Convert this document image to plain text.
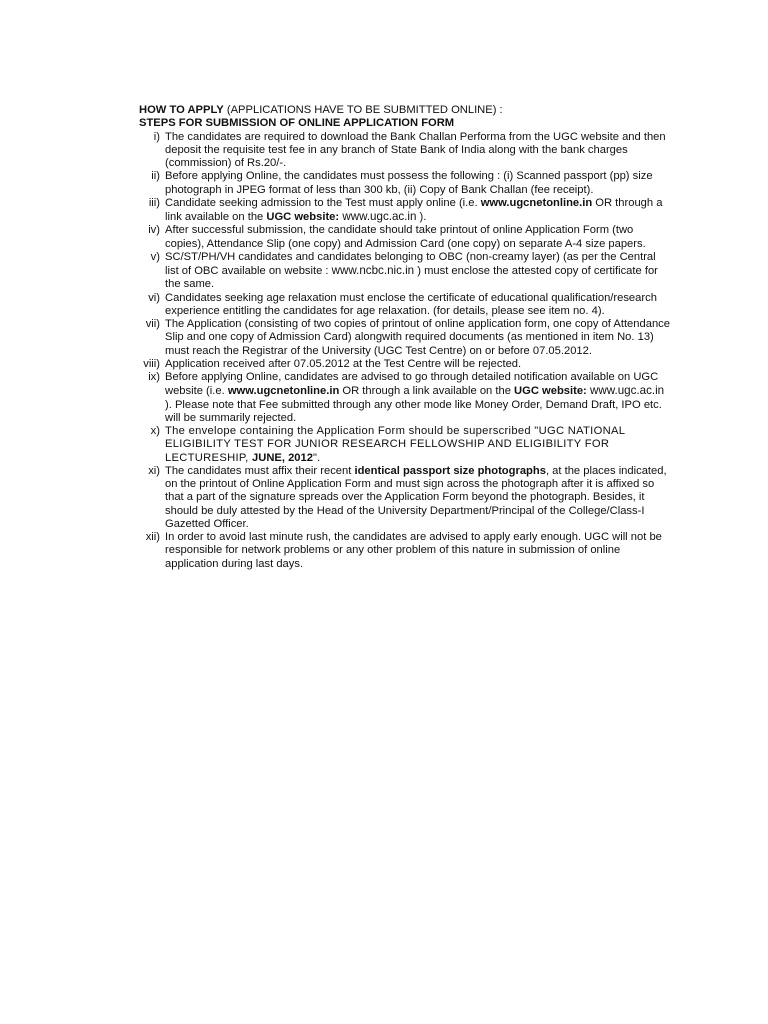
HOW TO APPLY (APPLICATIONS HAVE TO BE SUBMITTED ONLINE) :

STEPS FOR SUBMISSION OF ONLINE APPLICATION FORM

i) The candidates are required to download the Bank Challan Performa from the UGC website and then deposit the requisite test fee in any branch of State Bank of India along with the bank charges (commission) of Rs.20/-.
ii) Before applying Online, the candidates must possess the following : (i) Scanned passport (pp) size photograph in JPEG format of less than 300 kb, (ii) Copy of Bank Challan (fee receipt).
iii) Candidate seeking admission to the Test must apply online (i.e. www.ugcnetonline.in OR through a link available on the UGC website: www.ugc.ac.in ).
iv) After successful submission, the candidate should take printout of online Application Form (two copies), Attendance Slip (one copy) and Admission Card (one copy) on separate A-4 size papers.
v) SC/ST/PH/VH candidates and candidates belonging to OBC (non-creamy layer) (as per the Central list of OBC available on website : www.ncbc.nic.in ) must enclose the attested copy of certificate for the same.
vi) Candidates seeking age relaxation must enclose the certificate of educational qualification/research experience entitling the candidates for age relaxation. (for details, please see item no. 4).
vii) The Application (consisting of two copies of printout of online application form, one copy of Attendance Slip and one copy of Admission Card) alongwith required documents (as mentioned in item No. 13) must reach the Registrar of the University (UGC Test Centre) on or before 07.05.2012.
viii) Application received after 07.05.2012 at the Test Centre will be rejected.
ix) Before applying Online, candidates are advised to go through detailed notification available on UGC website (i.e. www.ugcnetonline.in OR through a link available on the UGC website: www.ugc.ac.in ). Please note that Fee submitted through any other mode like Money Order, Demand Draft, IPO etc. will be summarily rejected.
x) The envelope containing the Application Form should be superscribed "UGC NATIONAL ELIGIBILITY TEST FOR JUNIOR RESEARCH FELLOWSHIP AND ELIGIBILITY FOR LECTURESHIP, JUNE, 2012".
xi) The candidates must affix their recent identical passport size photographs, at the places indicated, on the printout of Online Application Form and must sign across the photograph after it is affixed so that a part of the signature spreads over the Application Form beyond the photograph. Besides, it should be duly attested by the Head of the University Department/Principal of the College/Class-I Gazetted Officer.
xii) In order to avoid last minute rush, the candidates are advised to apply early enough. UGC will not be responsible for network problems or any other problem of this nature in submission of online application during last days.
